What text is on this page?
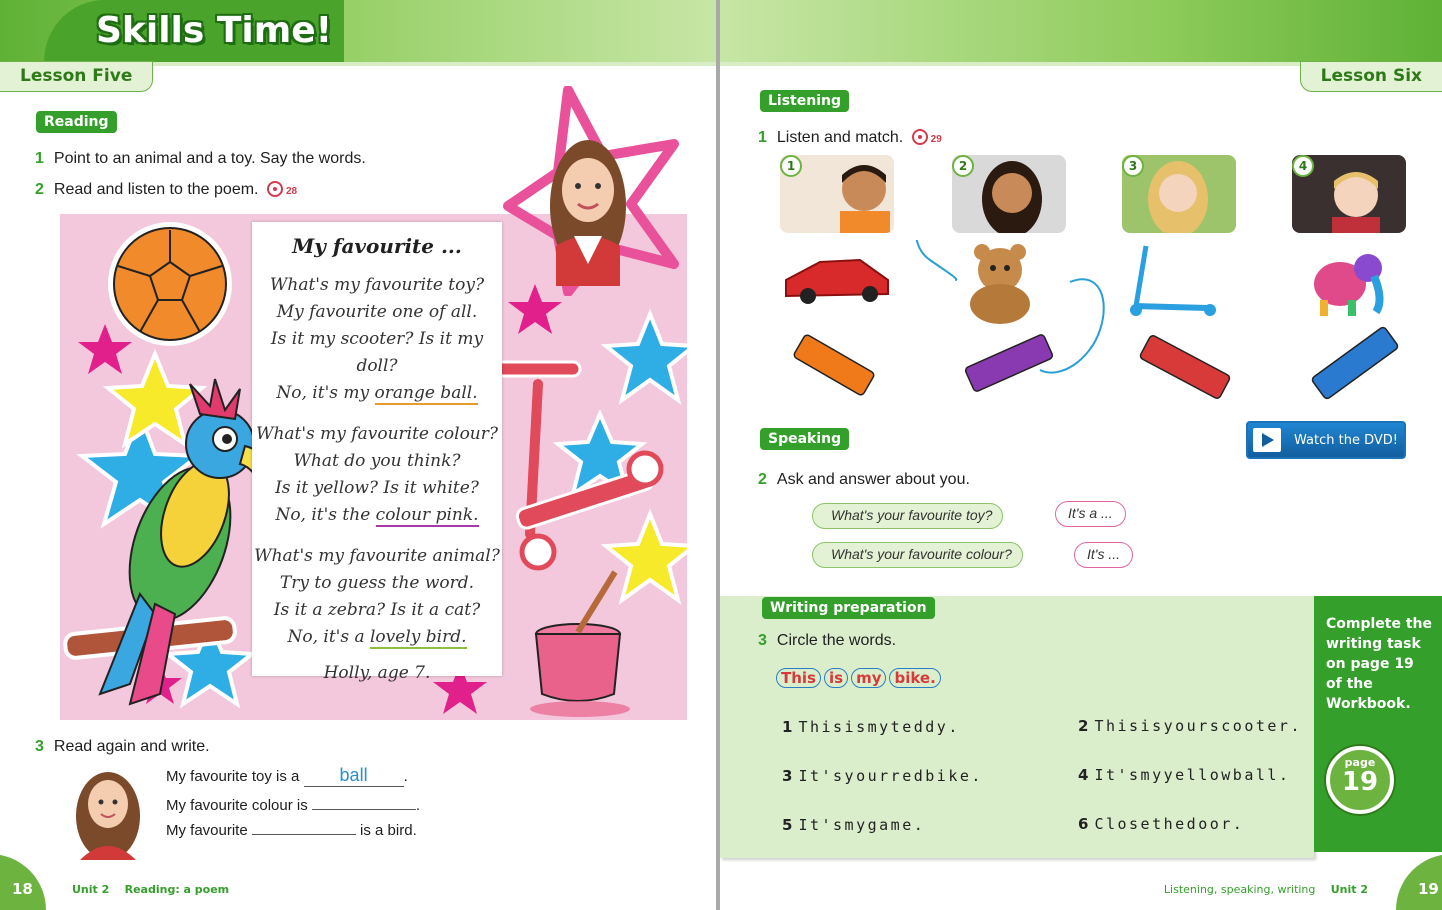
Skills Time!
Lesson Five
Reading
1 Point to an animal and a toy. Say the words.
2 Read and listen to the poem.	28
My favourite ...
What's my favourite toy?
My favourite one of all.
Is it my scooter? Is it my doll?
No, it's my orange ball.
What's my favourite colour?
What do you think?
Is it yellow? Is it white?
No, it's the colour pink.
What's my favourite animal?
Try to guess the word.
Is it a zebra? Is it a cat?
No, it's a lovely bird.
Holly, age 7.
3 Read again and write.
My favourite toy is a ball .
My favourite colour is	.
My favourite	is a bird.
18	Unit 2 Reading: a poem
Lesson Six
Listening
1 Listen and match.	29
1	2	3	4
Speaking	Watch the DVD!
2 Ask and answer about you.
What's your favourite toy?	It's a ...
What's your favourite colour?	It's ...
Writing preparation
3 Circle the words.
This is my bike.
1 Thisismyteddy.	2 Thisisyourscooter.
3 It'syourredbike.	4 It'smyyellowball.
5 It'smygame.	6 Closethedoor.
Complete the writing task on page 19 of the Workbook.
page
19
19
Listening, speaking, writing Unit 2
